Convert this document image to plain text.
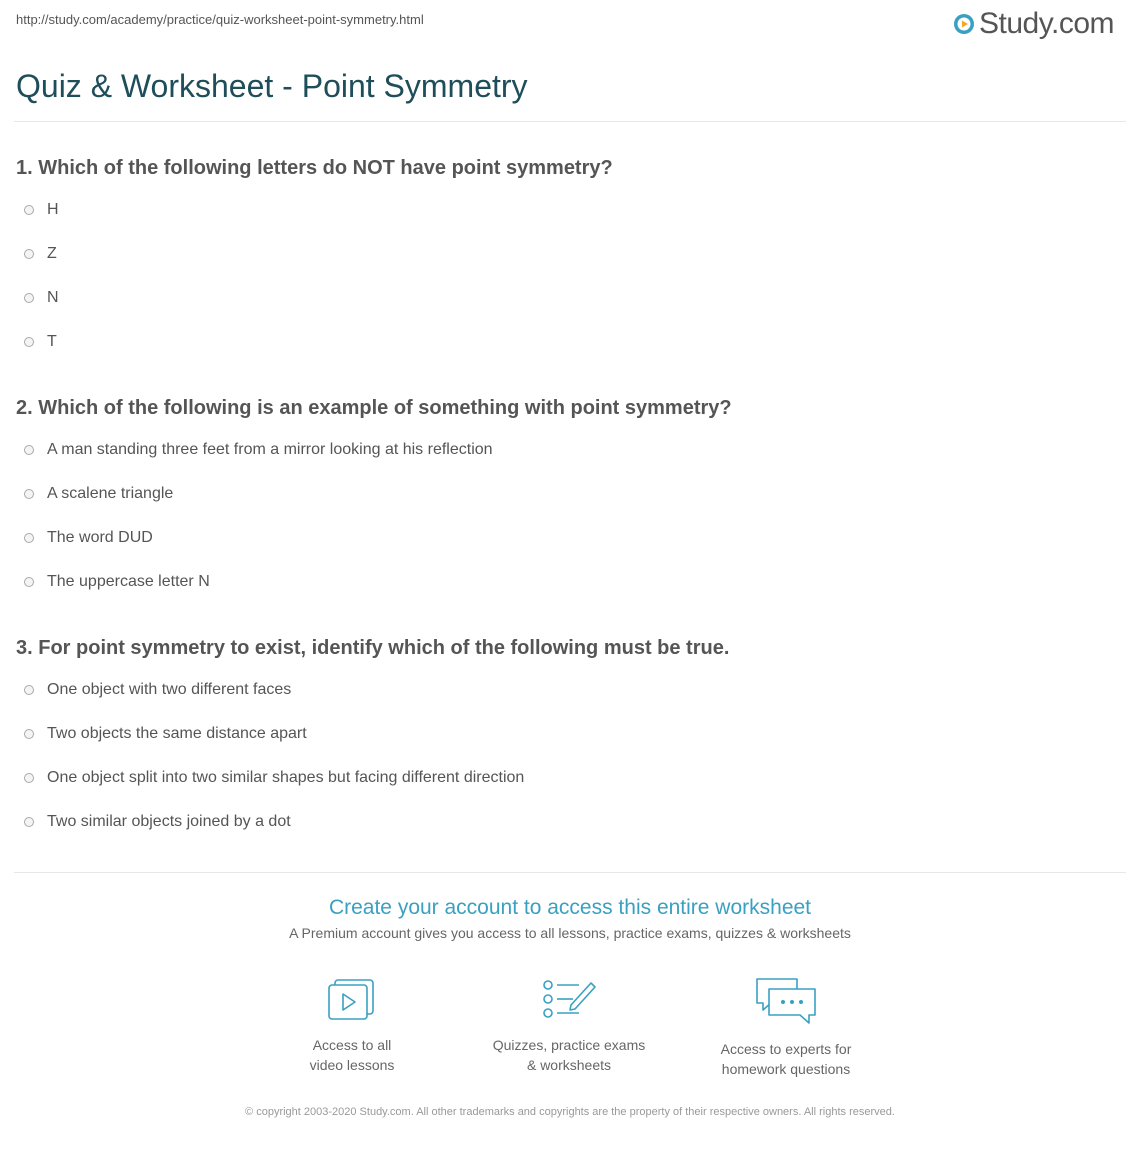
http://study.com/academy/practice/quiz-worksheet-point-symmetry.html	Study.com
Quiz & Worksheet - Point Symmetry

1. Which of the following letters do NOT have point symmetry?

H
Z
N
T

2. Which of the following is an example of something with point symmetry?

A man standing three feet from a mirror looking at his reflection
A scalene triangle
The word DUD
The uppercase letter N

3. For point symmetry to exist, identify which of the following must be true.

One object with two different faces
Two objects the same distance apart
One object split into two similar shapes but facing different direction
Two similar objects joined by a dot

Create your account to access this entire worksheet

A Premium account gives you access to all lessons, practice exams, quizzes & worksheets
Access to all
video lessons
Quizzes, practice exams
& worksheets
Access to experts for
homework questions
© copyright 2003-2020 Study.com. All other trademarks and copyrights are the property of their respective owners. All rights reserved.
